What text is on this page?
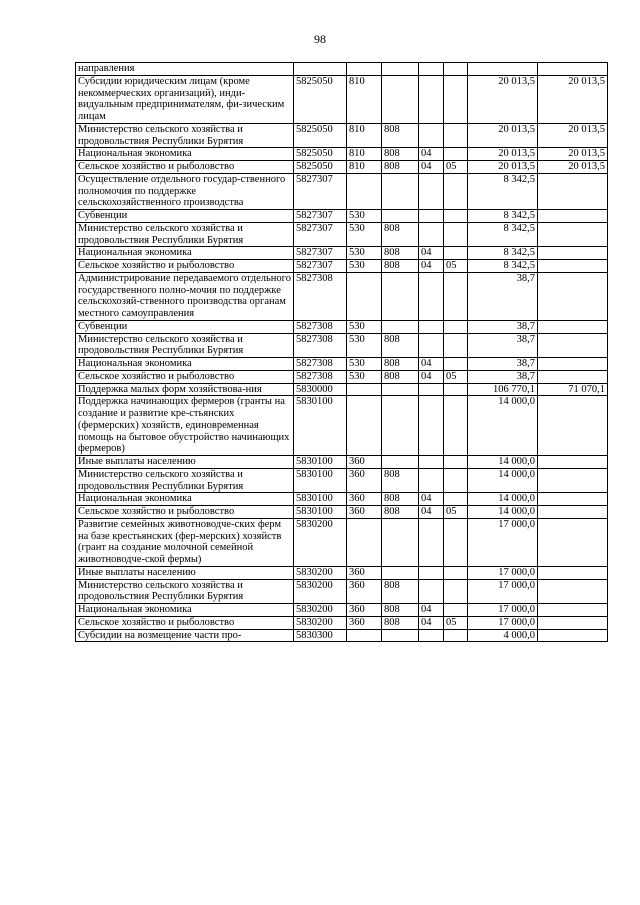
98
направления							
Субсидии юридическим лицам (кроме некоммерческих организаций), инди-видуальным предпринимателям, фи-зическим лицам	5825050	810				20 013,5	20 013,5
Министерство сельского хозяйства и продовольствия Республики Бурятия	5825050	810	808			20 013,5	20 013,5
Национальная экономика	5825050	810	808	04		20 013,5	20 013,5
Сельское хозяйство и рыболовство	5825050	810	808	04	05	20 013,5	20 013,5
Осуществление отдельного государ-ственного полномочия по поддержке сельскохозяйственного производства	5827307					8 342,5	
Субвенции	5827307	530				8 342,5	
Министерство сельского хозяйства и продовольствия Республики Бурятия	5827307	530	808			8 342,5	
Национальная экономика	5827307	530	808	04		8 342,5	
Сельское хозяйство и рыболовство	5827307	530	808	04	05	8 342,5	
Администрирование передаваемого отдельного государственного полно-мочия по поддержке сельскохозяй-ственного производства органам местного самоуправления	5827308					38,7	
Субвенции	5827308	530				38,7	
Министерство сельского хозяйства и продовольствия Республики Бурятия	5827308	530	808			38,7	
Национальная экономика	5827308	530	808	04		38,7	
Сельское хозяйство и рыболовство	5827308	530	808	04	05	38,7	
Поддержка малых форм хозяйствова-ния	5830000					106 770,1	71 070,1
Поддержка начинающих фермеров (гранты на создание и развитие кре-стьянских (фермерских) хозяйств, единовременная помощь на бытовое обустройство начинающих фермеров)	5830100					14 000,0	
Иные выплаты населению	5830100	360				14 000,0	
Министерство сельского хозяйства и продовольствия Республики Бурятия	5830100	360	808			14 000,0	
Национальная экономика	5830100	360	808	04		14 000,0	
Сельское хозяйство и рыболовство	5830100	360	808	04	05	14 000,0	
Развитие семейных животноводче-ских ферм на базе крестьянских (фер-мерских) хозяйств (грант на создание молочной семейной животноводче-ской фермы)	5830200					17 000,0	
Иные выплаты населению	5830200	360				17 000,0	
Министерство сельского хозяйства и продовольствия Республики Бурятия	5830200	360	808			17 000,0	
Национальная экономика	5830200	360	808	04		17 000,0	
Сельское хозяйство и рыболовство	5830200	360	808	04	05	17 000,0	
Субсидии на возмещение части про-	5830300					4 000,0	
